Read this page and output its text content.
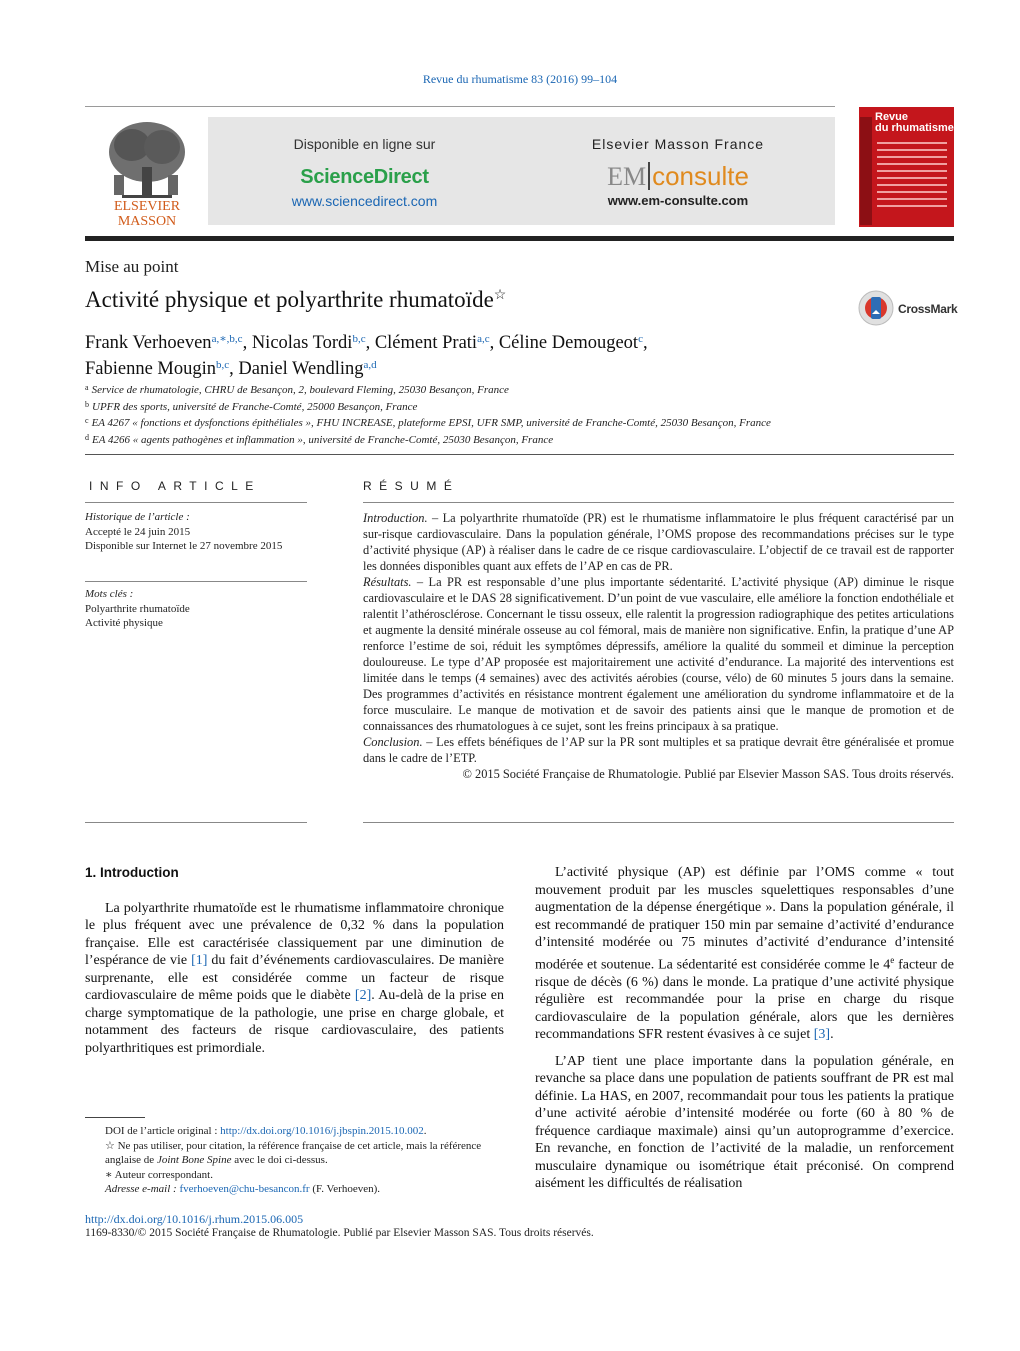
Revue du rhumatisme 83 (2016) 99–104
ELSEVIER
MASSON
Disponible en ligne sur
ScienceDirect
www.sciencedirect.com
Elsevier Masson France
EM consulte
www.em-consulte.com
Revue
du rhumatisme
Mise au point
Activité physique et polyarthrite rhumatoïde☆
CrossMark
Frank Verhoeven$^{a,∗,b,c}$, Nicolas Tordi$^{b,c}$, Clément Prati$^{a,c}$, Céline Demougeot$^c$,
Fabienne Mougin$^{b,c}$, Daniel Wendling$^{a,d}$
$^a$ Service de rhumatologie, CHRU de Besançon, 2, boulevard Fleming, 25030 Besançon, France
$^b$ UPFR des sports, université de Franche-Comté, 25000 Besançon, France
$^c$ EA 4267 « fonctions et dysfonctions épithéliales », FHU INCREASE, plateforme EPSI, UFR SMP, université de Franche-Comté, 25030 Besançon, France
$^d$ EA 4266 « agents pathogènes et inflammation », université de Franche-Comté, 25030 Besançon, France
INFO ARTICLE
Historique de l’article :
Accepté le 24 juin 2015
Disponible sur Internet le 27 novembre 2015
Mots clés :
Polyarthrite rhumatoïde
Activité physique
RÉSUMÉ

Introduction. – La polyarthrite rhumatoïde (PR) est le rhumatisme inflammatoire le plus fréquent caractérisé par un sur-risque cardiovasculaire. Dans la population générale, l’OMS propose des recommandations précises sur le type d’activité physique (AP) à réaliser dans le cadre de ce risque cardiovasculaire. L’objectif de ce travail est de rapporter les données disponibles quant aux effets de l’AP en cas de PR.

Résultats. – La PR est responsable d’une plus importante sédentarité. L’activité physique (AP) diminue le risque cardiovasculaire et le DAS 28 significativement. D’un point de vue vasculaire, elle améliore la fonction endothéliale et ralentit l’athérosclérose. Concernant le tissu osseux, elle ralentit la progression radiographique des petites articulations et augmente la densité minérale osseuse au col fémoral, mais de manière non significative. Enfin, la pratique d’une AP renforce l’estime de soi, réduit les symptômes dépressifs, améliore la qualité du sommeil et diminue la perception douloureuse. Le type d’AP proposée est majoritairement une activité d’endurance. La majorité des interventions est limitée dans le temps (4 semaines) avec des activités aérobies (course, vélo) de 60 minutes 5 jours dans la semaine. Des programmes d’activités en résistance montrent également une amélioration du syndrome inflammatoire et de la force musculaire. Le manque de motivation et de savoir des patients ainsi que le manque de promotion et de connaissances des rhumatologues à ce sujet, sont les freins principaux à sa pratique.

Conclusion. – Les effets bénéfiques de l’AP sur la PR sont multiples et sa pratique devrait être généralisée et promue dans le cadre de l’ETP.

© 2015 Société Française de Rhumatologie. Publié par Elsevier Masson SAS. Tous droits réservés.

1. Introduction

La polyarthrite rhumatoïde est le rhumatisme inflammatoire chronique le plus fréquent avec une prévalence de 0,32 % dans la population française. Elle est caractérisée classiquement par une diminution de l’espérance de vie [1] du fait d’événements cardiovasculaires. De manière surprenante, elle est considérée comme un facteur de risque cardiovasculaire de même poids que le diabète [2]. Au-delà de la prise en charge symptomatique de la pathologie, une prise en charge globale, et notamment des facteurs de risque cardiovasculaire, des patients polyarthritiques est primordiale.

L’activité physique (AP) est définie par l’OMS comme « tout mouvement produit par les muscles squelettiques responsables d’une augmentation de la dépense énergétique ». Dans la population générale, il est recommandé de pratiquer 150 min par semaine d’activité d’endurance d’intensité modérée ou 75 minutes d’activité d’endurance d’intensité modérée et soutenue. La sédentarité est considérée comme le 4e facteur de risque de décès (6 %) dans le monde. La pratique d’une activité physique régulière est recommandée pour la prise en charge du risque cardiovasculaire de la population générale, alors que les dernières recommandations SFR restent évasives à ce sujet [3].

L’AP tient une place importante dans la population générale, en revanche sa place dans une population de patients souffrant de PR est mal définie. La HAS, en 2007, recommandait pour tous les patients la pratique d’une activité aérobie d’intensité modérée ou forte (60 à 80 % de fréquence cardiaque maximale) ainsi qu’un autoprogramme d’exercice. En revanche, en fonction de l’activité de la maladie, un renforcement musculaire dynamique ou isométrique était préconisé. On comprend aisément les difficultés de réalisation

DOI de l’article original : http://dx.doi.org/10.1016/j.jbspin.2015.10.002.
☆ Ne pas utiliser, pour citation, la référence française de cet article, mais la référence anglaise de Joint Bone Spine avec le doi ci-dessus.
∗ Auteur correspondant.
Adresse e-mail : fverhoeven@chu-besancon.fr (F. Verhoeven).
http://dx.doi.org/10.1016/j.rhum.2015.06.005
1169-8330/© 2015 Société Française de Rhumatologie. Publié par Elsevier Masson SAS. Tous droits réservés.
